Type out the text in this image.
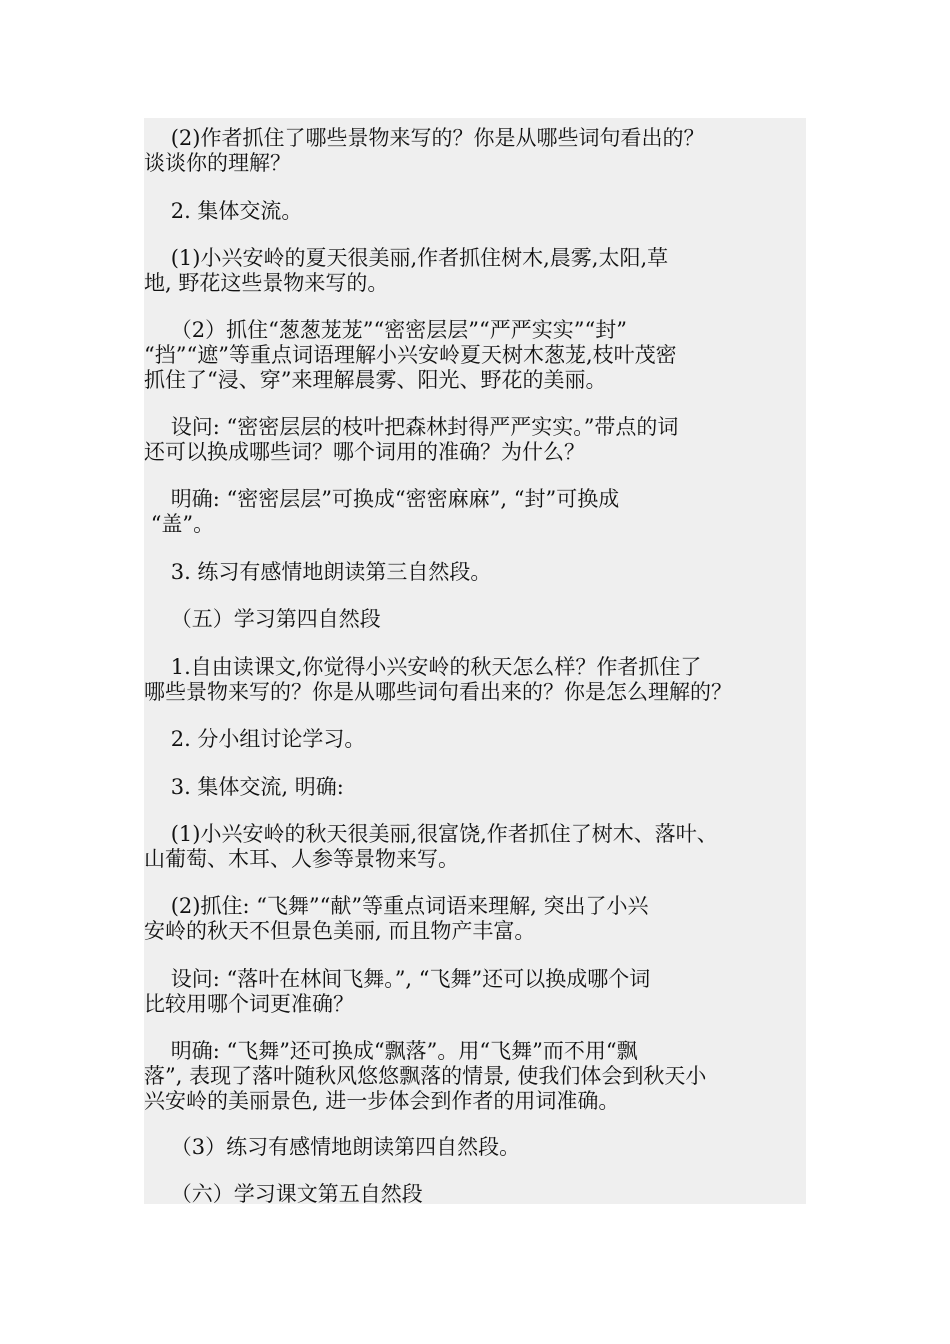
(2)作者抓住了哪些景物来写的？你是从哪些词句看出的？
谈谈你的理解？
2. 集体交流。
(1)小兴安岭的夏天很美丽,作者抓住树木,晨雾,太阳,草
地, 野花这些景物来写的。
（2）抓住“葱葱茏茏”“密密层层”“严严实实”“封”
“挡”“遮”等重点词语理解小兴安岭夏天树木葱茏,枝叶茂密
抓住了“浸、穿”来理解晨雾、阳光、野花的美丽。
设问: “密密层层的枝叶把森林封得严严实实。”带点的词
还可以换成哪些词？哪个词用的准确？为什么？
明确: “密密层层”可换成“密密麻麻”, “封”可换成
“盖”。
3. 练习有感情地朗读第三自然段。
（五）学习第四自然段
1.自由读课文,你觉得小兴安岭的秋天怎么样？作者抓住了
哪些景物来写的？你是从哪些词句看出来的？你是怎么理解的？
2. 分小组讨论学习。
3. 集体交流, 明确:
(1)小兴安岭的秋天很美丽,很富饶,作者抓住了树木、落叶、
山葡萄、木耳、人参等景物来写。
(2)抓住: “飞舞”“献”等重点词语来理解, 突出了小兴
安岭的秋天不但景色美丽, 而且物产丰富。
设问: “落叶在林间飞舞。”, “飞舞”还可以换成哪个词
比较用哪个词更准确？
明确: “飞舞”还可换成“飘落”。用“飞舞”而不用“飘
落”, 表现了落叶随秋风悠悠飘落的情景, 使我们体会到秋天小
兴安岭的美丽景色, 进一步体会到作者的用词准确。
（3）练习有感情地朗读第四自然段。
（六）学习课文第五自然段
